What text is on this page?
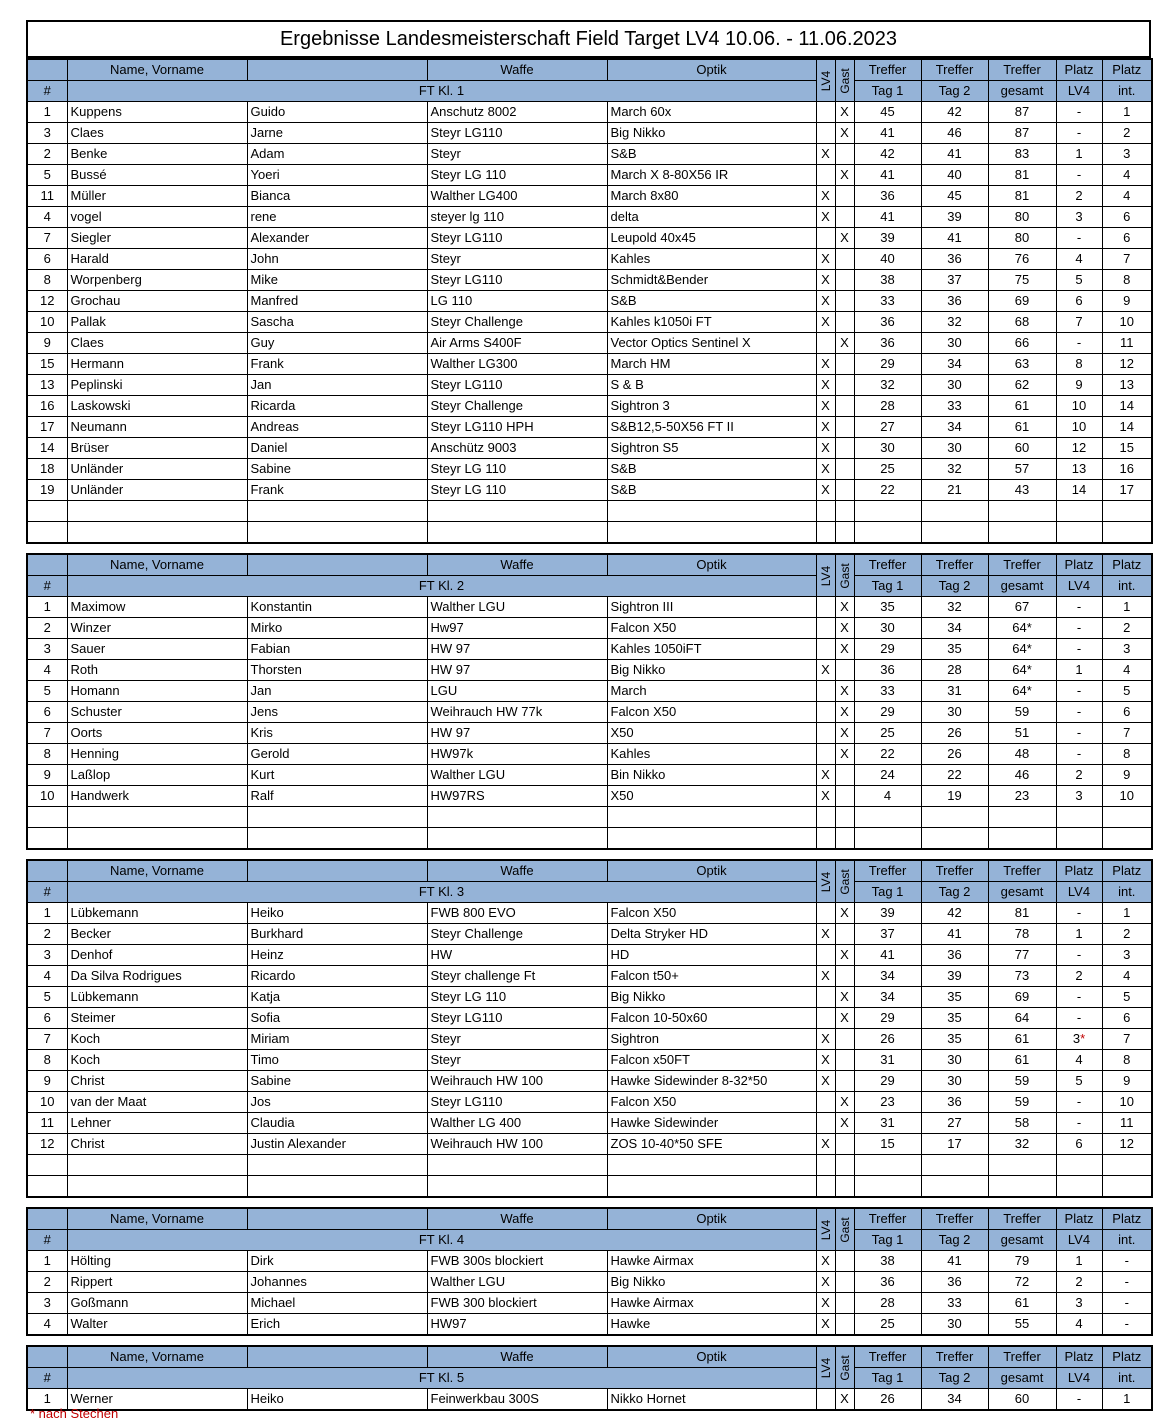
Ergebnisse Landesmeisterschaft Field Target LV4 10.06. - 11.06.2023
	Name, Vorname		Waffe	Optik	LV4	Gast	Treffer	Treffer	Treffer	Platz	Platz
#	FT Kl. 1						Tag 1	Tag 2	gesamt	LV4	int.
1	Kuppens	Guido	Anschutz 8002	March 60x		X	45	42	87	-	1
3	Claes	Jarne	Steyr LG110	Big Nikko		X	41	46	87	-	2
2	Benke	Adam	Steyr	S&B	X		42	41	83	1	3
5	Bussé	Yoeri	Steyr LG 110	March X 8-80X56 IR		X	41	40	81	-	4
11	Müller	Bianca	Walther LG400	March 8x80	X		36	45	81	2	4
4	vogel	rene	steyer lg 110	delta	X		41	39	80	3	6
7	Siegler	Alexander	Steyr LG110	Leupold 40x45		X	39	41	80	-	6
6	Harald	John	Steyr	Kahles	X		40	36	76	4	7
8	Worpenberg	Mike	Steyr LG110	Schmidt&Bender	X		38	37	75	5	8
12	Grochau	Manfred	LG 110	S&B	X		33	36	69	6	9
10	Pallak	Sascha	Steyr Challenge	Kahles k1050i FT	X		36	32	68	7	10
9	Claes	Guy	Air Arms S400F	Vector Optics Sentinel X		X	36	30	66	-	11
15	Hermann	Frank	Walther LG300	March HM	X		29	34	63	8	12
13	Peplinski	Jan	Steyr LG110	S & B	X		32	30	62	9	13
16	Laskowski	Ricarda	Steyr Challenge	Sightron 3	X		28	33	61	10	14
17	Neumann	Andreas	Steyr LG110 HPH	S&B12,5-50X56 FT II	X		27	34	61	10	14
14	Brüser	Daniel	Anschütz 9003	Sightron S5	X		30	30	60	12	15
18	Unländer	Sabine	Steyr LG 110	S&B	X		25	32	57	13	16
19	Unländer	Frank	Steyr LG 110	S&B	X		22	21	43	14	17

	Name, Vorname		Waffe	Optik	LV4	Gast	Treffer	Treffer	Treffer	Platz	Platz
#	FT Kl. 2						Tag 1	Tag 2	gesamt	LV4	int.
1	Maximow	Konstantin	Walther LGU	Sightron III		X	35	32	67	-	1
2	Winzer	Mirko	Hw97	Falcon X50		X	30	34	64*	-	2
3	Sauer	Fabian	HW 97	Kahles 1050iFT		X	29	35	64*	-	3
4	Roth	Thorsten	HW 97	Big Nikko	X		36	28	64*	1	4
5	Homann	Jan	LGU	March		X	33	31	64*	-	5
6	Schuster	Jens	Weihrauch HW 77k	Falcon X50		X	29	30	59	-	6
7	Oorts	Kris	HW 97	X50		X	25	26	51	-	7
8	Henning	Gerold	HW97k	Kahles		X	22	26	48	-	8
9	Laßlop	Kurt	Walther LGU	Bin Nikko	X		24	22	46	2	9
10	Handwerk	Ralf	HW97RS	X50	X		4	19	23	3	10

	Name, Vorname		Waffe	Optik	LV4	Gast	Treffer	Treffer	Treffer	Platz	Platz
#	FT Kl. 3						Tag 1	Tag 2	gesamt	LV4	int.
1	Lübkemann	Heiko	FWB 800 EVO	Falcon X50		X	39	42	81	-	1
2	Becker	Burkhard	Steyr Challenge	Delta Stryker HD	X		37	41	78	1	2
3	Denhof	Heinz	HW	HD		X	41	36	77	-	3
4	Da Silva Rodrigues	Ricardo	Steyr challenge Ft	Falcon t50+	X		34	39	73	2	4
5	Lübkemann	Katja	Steyr LG 110	Big Nikko		X	34	35	69	-	5
6	Steimer	Sofia	Steyr LG110	Falcon 10-50x60		X	29	35	64	-	6
7	Koch	Miriam	Steyr	Sightron	X		26	35	61	3*	7
8	Koch	Timo	Steyr	Falcon x50FT	X		31	30	61	4	8
9	Christ	Sabine	Weihrauch HW 100	Hawke Sidewinder 8-32*50	X		29	30	59	5	9
10	van der Maat	Jos	Steyr LG110	Falcon X50		X	23	36	59	-	10
11	Lehner	Claudia	Walther LG 400	Hawke Sidewinder		X	31	27	58	-	11
12	Christ	Justin Alexander	Weihrauch HW 100	ZOS 10-40*50 SFE	X		15	17	32	6	12

	Name, Vorname		Waffe	Optik	LV4	Gast	Treffer	Treffer	Treffer	Platz	Platz
#	FT Kl. 4						Tag 1	Tag 2	gesamt	LV4	int.
1	Hölting	Dirk	FWB 300s blockiert	Hawke Airmax	X		38	41	79	1	-
2	Rippert	Johannes	Walther LGU	Big Nikko	X		36	36	72	2	-
3	Goßmann	Michael	FWB 300 blockiert	Hawke Airmax	X		28	33	61	3	-
4	Walter	Erich	HW97	Hawke	X		25	30	55	4	-
	Name, Vorname		Waffe	Optik	LV4	Gast	Treffer	Treffer	Treffer	Platz	Platz
#	FT Kl. 5						Tag 1	Tag 2	gesamt	LV4	int.
1	Werner	Heiko	Feinwerkbau 300S	Nikko Hornet		X	26	34	60	-	1
* nach Stechen
